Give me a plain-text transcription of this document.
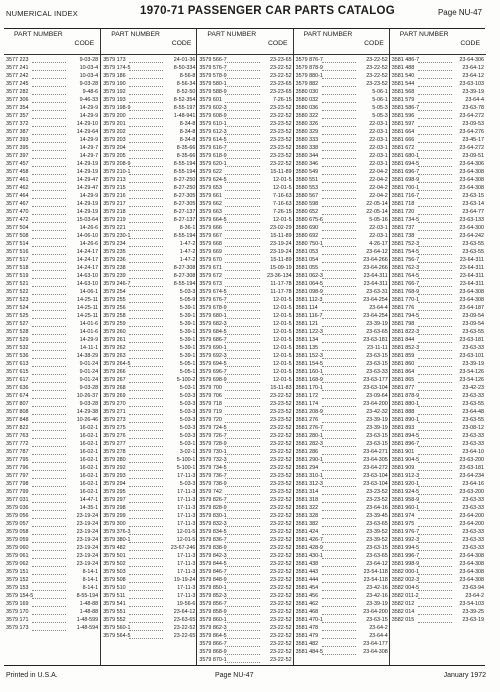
NUMERICAL INDEX	1970-71 PASSENGER CAR PARTS CATALOG	Page NU-47
PART NUMBER
CODE
3577 223	9-03-28
3577 241	10-03-4
3577 242	10-03-4
3577 245	9-03-28
3577 282	9-48-6
3577 306	9-46-33
3577 354	14-29-9
3577 357	14-29-9
3577 372	14-29-10
3577 387	14-29-64
3577 393	14-29-9
3577 395	14-29-7
3577 397	14-29-7
3577 457	14-29-19
3577 458	14-29-19
3577 461	14-29-47
3577 462	14-29-47
3577 464	14-29-9
3577 467	14-29-19
3577 470	14-29-19
3577 472	15-03-64
3577 504	14-26-6
3577 508	14-06-10
3577 514	14-26-6
3577 516	14-24-17
3577 517	14-24-17
3577 518	14-24-17
3577 519	14-63-10
3577 521	14-63-10
3577 522	14-06-1
3577 523	14-25-11
3577 524	14-25-11
3577 525	14-25-11
3577 527	14-01-6
3577 528	14-01-6
3577 529	14-29-9
3577 532	14-11-1
3577 536	14-38-29
3577 613	9-01-24
3577 615	9-01-24
3577 617	9-01-24
3577 636	9-03-28
3577 674	10-26-37
3577 807	9-03-28
3577 808	14-29-38
3577 848	10-26-46
3577 822	16-02-1
3577 763	16-02-1
3577 772	16-02-1
3577 787	16-02-1
3577 795	16-02-1
3577 796	16-02-1
3577 797	16-02-1
3577 798	16-02-1
3577 799	16-02-1
3577 031	14-47-1
3579 036	14-35-1
3579 056	23-19-24
3579 057	23-19-24
3579 058	23-19-24
3579 059	23-19-24
3579 060	23-19-24
3579 061	23-19-24
3579 062	23-19-24
3579 151	8-14-1
3579 152	8-14-1
3579 153	8-14-1
3579 154-5	8-55-194
3579 169	1-48-88
3579 170	1-48-88
3579 171	1-48-599
3579 173	1-48-594
PART NUMBER
CODE
3579 173	24-01-36
3579 174-5	8-50-334
3579 186	8-56-8
3579 190	8-56-34
3579 192	8-52-50
3579 193	8-52-354
3579 198-9	8-55-197
3579 200	1-48-941
3579 201	8-34-8
3579 202	8-34-8
3579 203	8-34-8
3579 204	8-35-66
3579 205	8-35-66
3579 208-9	8-55-194
3579 210-1	8-55-194
3579 213	8-27-250
3579 215	8-27-250
3579 216	8-27-305
3579 217	8-27-305
3579 218	8-27-137
3579 219	8-27-137
3579 221	8-36-1
3579 230-1	8-55-194
3579 234	1-47-2
3579 235	1-47-2
3579 236	1-47-2
3579 238	8-27-308
3579 239	8-27-308
3579 246-7	8-55-194
3579 254	5-03-3
3579 255	5-05-9
3579 256	5-39-1
3579 258	5-39-1
3579 259	5-39-1
3579 260	5-39-1
3579 261	5-39-1
3579 262	5-39-1
3579 263	5-39-1
3579 264-5	5-05-1
3579 266	5-05-1
3579 267	5-100-2
3579 268	5-03-1
3579 269	5-03-3
3579 270	5-03-3
3579 271	5-03-3
3579 273	5-03-3
3579 275	5-03-3
3579 276	5-03-3
3579 277	5-03-1
3579 278	3-02-1
3579 280	5-100-1
3579 292	5-100-1
3579 293	17-11-3
3579 294	5-03-3
3579 295	17-11-3
3579 297	17-11-3
3579 298	17-11-3
3579 299	17-11-3
3579 300	17-11-3
3579 376-3	12-01-5
3579 380-1	12-01-5
3579 482	23-67-246
3579 501	17-11-3
3579 502	17-11-3
3579 503	17-11-3
3579 508	19-19-24
3579 510	17-11-3
3579 511	17-11-3
3579 541	19-56-6
3579 551	23-64-12
3579 552	23-63-65
3579 560-1	23-22-52
3579 564-5	23-22-65
PART NUMBER
CODE
3579 566-7	23-23-65
3579 576-7	23-22-52
3579 578-9	23-22-52
3579 580-1	23-23-65
3579 588-9	23-23-65
3579 601	7-26-15
3579 602-3	23-23-52
3579 608-9	23-22-52
3579 610-1	23-23-52
3579 612-3	23-23-52
3579 614-5	23-23-52
3579 616-7	23-23-52
3579 618-9	23-23-52
3579 620-1	23-22-52
3579 622	15-11-89
3579 624-5	12-01-5
3579 653	12-01-5
3579 661	7-16-63
3579 662	7-16-63
3579 663	7-26-15
3579 664-5	12-01-5
3579 666	23-02-29
3579 667	15-11-89
3579 668	23-19-24
3579 669	23-19-24
3579 670	15-11-89
3579 671	15-09-19
3579 672	23-36-134
3579 673	11-17-78
3579 674-5	11-17-78
3579 676-7	12-01-5
3579 678-9	12-01-5
3579 680-1	12-01-5
3579 682-3	12-01-5
3579 684-5	12-01-5
3579 686-7	12-01-5
3579 690-1	12-01-5
3579 692-3	12-01-5
3579 694-5	12-01-5
3579 696-7	12-01-5
3579 698-9	12-01-5
3579 700	15-11-83
3579 706	23-22-52
3579 718	23-23-52
3579 719	23-23-52
3579 720	23-23-52
3579 724-5	23-22-52
3579 726-7	23-22-52
3579 728-9	23-22-52
3579 730-1	23-22-52
3579 732-3	23-22-52
3579 734-5	23-22-52
3579 736-7	23-23-52
3579 738-9	23-23-52
3579 742	23-23-52
3579 826-7	23-22-52
3579 828-9	23-22-52
3579 830-1	23-22-52
3579 832-3	23-22-52
3579 834-5	23-22-52
3579 836-7	23-22-52
3579 838-9	23-22-52
3579 842-3	23-22-52
3579 844-5	23-22-52
3579 846-7	23-22-52
3579 848-9	23-22-52
3579 850-1	23-22-52
3579 852-3	23-22-52
3579 856-7	23-22-52
3579 858-9	23-22-52
3579 860-1	23-22-52
3579 862-3	23-22-52
3579 864-5	23-22-52
3579 866-7	23-22-52
3579 868-9	23-22-52
3579 870-1	23-22-52
PART NUMBER
CODE
3579 876-7	23-22-52
3579 878-9	23-22-52
3579 880-1	23-22-52
3579 882	23-23-52
3580 030	5-06-1
3580 032	5-06-1
3580 036	5-05-3
3580 322	5-05-3
3580 326	22-03-1
3580 329	22-03-1
3580 333	22-03-1
3580 338	22-03-1
3580 344	22-03-1
3580 346	22-03-1
3580 549	22-04-2
3580 551	22-04-2
3580 553	22-04-2
3580 567	22-04-2
3580 598	22-05-14
3580 652	22-05-14
3580 675-6	5-05-16
3580 690	22-03-1
3580 692	22-03-1
3580 750-1	4-26-17
3581 053	23-64-12
3581 054	23-64-266
3581 055	23-64-266
3581 062-3	23-64-311
3581 064-5	23-64-311
3581 098-9	23-63-31
3581 112-3	23-64-254
3581 114	23-64-4
3581 116-7	23-64-254
3581 121	23-39-19
3581 122-3	23-63-65
3581 134	23-63-181
3581 135	23-11-11
3581 152-3	23-63-15
3581 154-5	23-63-15
3581 160-1	23-63-33
3581 168-9	23-63-177
3581 170-1	23-63-104
3581 172	23-09-64
3581 174	23-64-200
3581 208-9	23-42-32
3581 276	23-39-19
3581 276-7	23-39-19
3581 280-1	23-63-15
3581 282-3	23-63-15
3581 286	23-64-271
3581 290-1	23-64-305
3581 294	23-64-272
3581 310-1	23-63-104
3581 312-3	23-63-104
3581 314	23-23-52
3581 318	23-23-52
3581 322	23-64-16
3581 328	23-39-45
3581 382	23-63-65
3581 424	23-39-52
3581 426-7	23-39-52
3581 428-9	23-63-15
3581 430-1	23-63-65
3581 438	23-64-12
3581 443	23-54-118
3581 444	23-54-118
3581 454	23-42-16
3581 456	23-42-16
3581 462	23-39-19
3581 468	23-64-200
3581 470-1	23-63-15
3581 478	23-64-2
3581 479	23-64-4
3581 482	23-64-177
3581 484-5	23-64-308
PART NUMBER
CODE
3581 486-7	23-64-306
3581 488	23-64-12
3581 540	23-64-12
3581 544	23-63-103
3581 568	23-39-19
3581 579	23-64-4
3581 586-7	23-63-78
3581 596	23-64-272
3581 597	23-09-53
3581 664	23-64-276
3581 666	23-45-17
3581 672	23-64-272
3581 680-1	23-09-51
3581 694-5	23-64-306
3581 696-7	23-64-308
3581 698-9	23-64-308
3581 700-1	23-64-308
3581 716-7	23-63-15
3581 718	23-63-14
3581 720	23-64-77
3581 734-5	23-63-133
3581 737	23-64-300
3581 738	23-64-242
3581 752-3	23-63-55
3581 754-5	23-63-55
3581 756-7	23-64-311
3581 762-3	23-64-311
3581 764-5	23-64-311
3581 766-7	23-64-311
3581 768-9	23-64-308
3581 770-1	23-64-308
3581 776	23-64-187
3581 794-5	23-09-54
3581 798	23-09-54
3581 822-3	23-63-55
3581 844	23-63-181
3581 852-3	23-63-33
3581 859	23-63-101
3581 860	23-39-19
3581 864	23-54-126
3581 865	23-54-126
3581 877	23-42-23
3581 878-9	23-63-33
3581 880-1	23-63-55
3581 888	23-64-48
3581 890-1	23-63-55
3581 893	23-08-12
3581 894-5	23-63-33
3581 896-7	23-63-33
3581 901	23-64-10
3581 904-5	23-63-200
3581 909	23-63-181
3581 912-3	23-64-234
3581 920-1	23-64-16
3581 924-5	23-63-200
3581 958-9	23-63-33
3581 960-1	23-63-33
3581 974	23-64-200
3581 975	23-64-200
3581 976-7	23-63-33
3581 992-3	23-63-33
3581 994-5	23-63-33
3581 996-7	23-64-308
3581 998-9	23-64-308
3582 000-1	23-64-308
3582 002-3	23-64-308
3582 004-5	23-63-94
3582 011-2	23-64-2
3582 012	23-54-103
3582 014	23-39-25
3582 015	23-63-19
Printed in U.S.A.	Page NU-47	January 1972
